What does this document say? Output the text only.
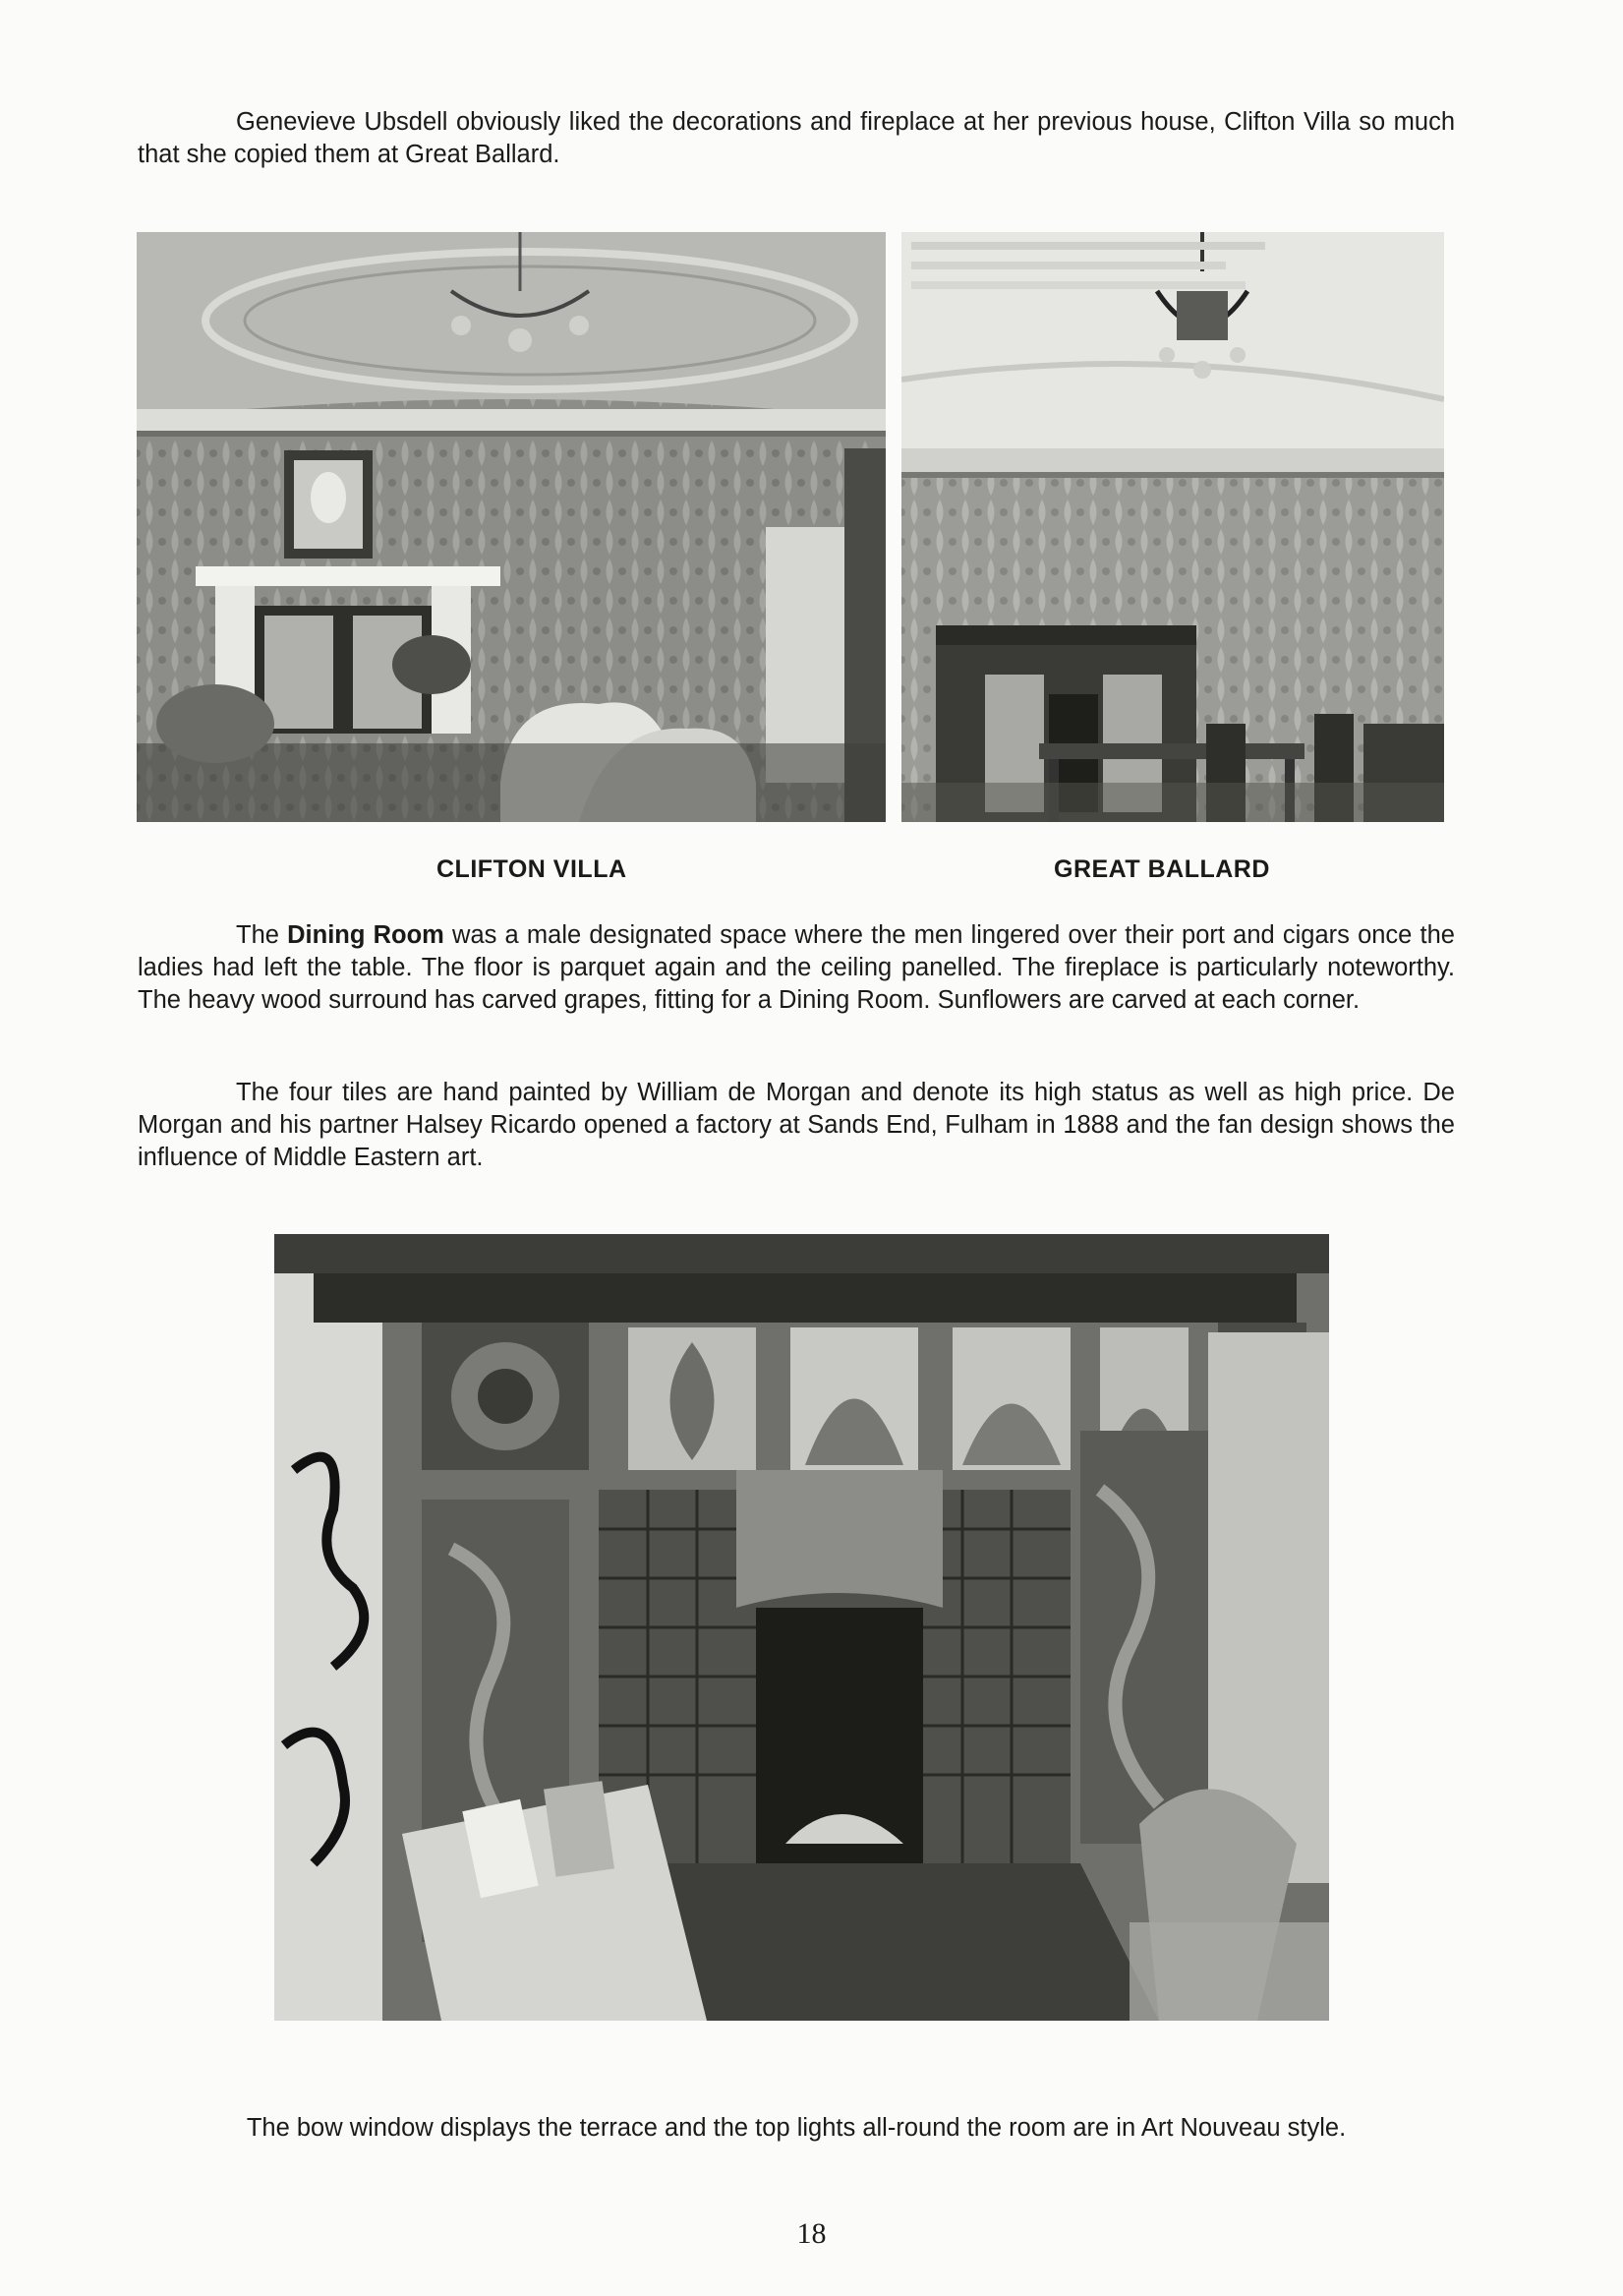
Genevieve Ubsdell obviously liked the decorations and fireplace at her previous house, Clifton Villa so much that she copied them at Great Ballard.

CLIFTON VILLA	GREAT BALLARD

The Dining Room was a male designated space where the men lingered over their port and cigars once the ladies had left the table. The floor is parquet again and the ceiling panelled. The fireplace is particularly noteworthy. The heavy wood surround has carved grapes, fitting for a Dining Room. Sunflowers are carved at each corner.

The four tiles are hand painted by William de Morgan and denote its high status as well as high price. De Morgan and his partner Halsey Ricardo opened a factory at Sands End, Fulham in 1888 and the fan design shows the influence of Middle Eastern art.

The bow window displays the terrace and the top lights all-round the room are in Art Nouveau style.

18
